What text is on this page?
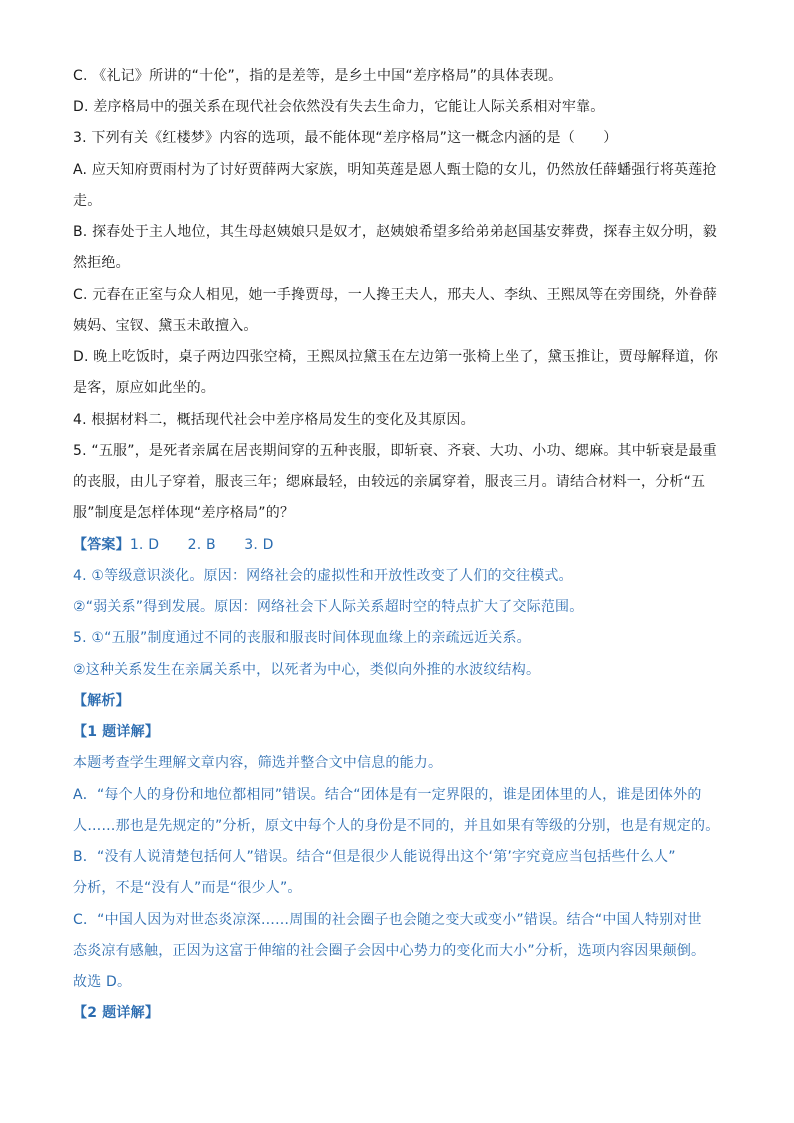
C. 《礼记》所讲的“十伦”，指的是差等，是乡土中国“差序格局”的具体表现。
D. 差序格局中的强关系在现代社会依然没有失去生命力，它能让人际关系相对牢靠。
3. 下列有关《红楼梦》内容的选项，最不能体现“差序格局”这一概念内涵的是（　　）
A. 应天知府贾雨村为了讨好贾薛两大家族，明知英莲是恩人甄士隐的女儿，仍然放任薛蟠强行将英莲抢
走。
B. 探春处于主人地位，其生母赵姨娘只是奴才，赵姨娘希望多给弟弟赵国基安葬费，探春主奴分明，毅
然拒绝。
C. 元春在正室与众人相见，她一手搀贾母，一人搀王夫人，邢夫人、李纨、王熙凤等在旁围绕，外眷薛
姨妈、宝钗、黛玉未敢擅入。
D. 晚上吃饭时，桌子两边四张空椅，王熙凤拉黛玉在左边第一张椅上坐了，黛玉推让，贾母解释道，你
是客，原应如此坐的。
4. 根据材料二，概括现代社会中差序格局发生的变化及其原因。
5. “五服”，是死者亲属在居丧期间穿的五种丧服，即斩衰、齐衰、大功、小功、缌麻。其中斩衰是最重
的丧服，由儿子穿着，服丧三年；缌麻最轻，由较远的亲属穿着，服丧三月。请结合材料一，分析“五
服”制度是怎样体现“差序格局”的？
【答案】1. D　　2. B　　3. D
4. ①等级意识淡化。原因：网络社会的虚拟性和开放性改变了人们的交往模式。
②“弱关系”得到发展。原因：网络社会下人际关系超时空的特点扩大了交际范围。
5. ①“五服”制度通过不同的丧服和服丧时间体现血缘上的亲疏远近关系。
②这种关系发生在亲属关系中，以死者为中心，类似向外推的水波纹结构。
【解析】
【1 题详解】
本题考查学生理解文章内容，筛选并整合文中信息的能力。
A．“每个人的身份和地位都相同”错误。结合“团体是有一定界限的，谁是团体里的人，谁是团体外的
人……那也是先规定的”分析，原文中每个人的身份是不同的，并且如果有等级的分别，也是有规定的。
B．“没有人说清楚包括何人”错误。结合“但是很少人能说得出这个‘第’字究竟应当包括些什么人”
分析，不是“没有人”而是“很少人”。
C．“中国人因为对世态炎凉深……周围的社会圈子也会随之变大或变小”错误。结合“中国人特别对世
态炎凉有感触，正因为这富于伸缩的社会圈子会因中心势力的变化而大小”分析，选项内容因果颠倒。
故选 D。
【2 题详解】
